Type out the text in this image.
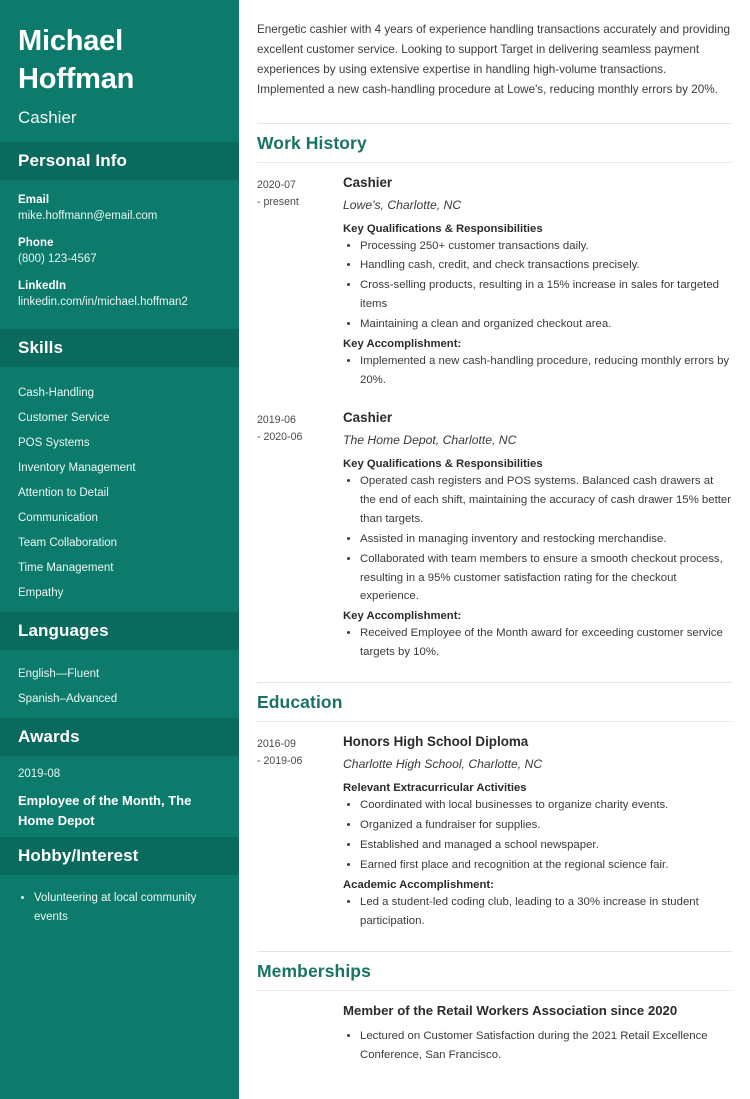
Michael
Hoffman
Cashier
Personal Info
Email
mike.hoffmann@email.com
Phone
(800) 123-4567
LinkedIn
linkedin.com/in/michael.hoffman2
Skills
Cash-Handling
Customer Service
POS Systems
Inventory Management
Attention to Detail
Communication
Team Collaboration
Time Management
Empathy
Languages
English—Fluent
Spanish–Advanced
Awards
2019-08
Employee of the Month, The Home Depot
Hobby/Interest
• Volunteering at local community events

Energetic cashier with 4 years of experience handling transactions accurately and providing excellent customer service. Looking to support Target in delivering seamless payment experiences by using extensive expertise in handling high-volume transactions. Implemented a new cash-handling procedure at Lowe's, reducing monthly errors by 20%.

Work History
2020-07
- present
Cashier
Lowe's, Charlotte, NC
Key Qualifications & Responsibilities
• Processing 250+ customer transactions daily.
• Handling cash, credit, and check transactions precisely.
• Cross-selling products, resulting in a 15% increase in sales for targeted items
• Maintaining a clean and organized checkout area.
Key Accomplishment:
• Implemented a new cash-handling procedure, reducing monthly errors by 20%.
2019-06
- 2020-06
Cashier
The Home Depot, Charlotte, NC
Key Qualifications & Responsibilities
• Operated cash registers and POS systems. Balanced cash drawers at the end of each shift, maintaining the accuracy of cash drawer 15% better than targets.
• Assisted in managing inventory and restocking merchandise.
• Collaborated with team members to ensure a smooth checkout process, resulting in a 95% customer satisfaction rating for the checkout experience.
Key Accomplishment:
• Received Employee of the Month award for exceeding customer service targets by 10%.
Education
2016-09
- 2019-06
Honors High School Diploma
Charlotte High School, Charlotte, NC
Relevant Extracurricular Activities
• Coordinated with local businesses to organize charity events.
• Organized a fundraiser for supplies.
• Established and managed a school newspaper.
• Earned first place and recognition at the regional science fair.
Academic Accomplishment:
• Led a student-led coding club, leading to a 30% increase in student participation.
Memberships
Member of the Retail Workers Association since 2020
• Lectured on Customer Satisfaction during the 2021 Retail Excellence Conference, San Francisco.
